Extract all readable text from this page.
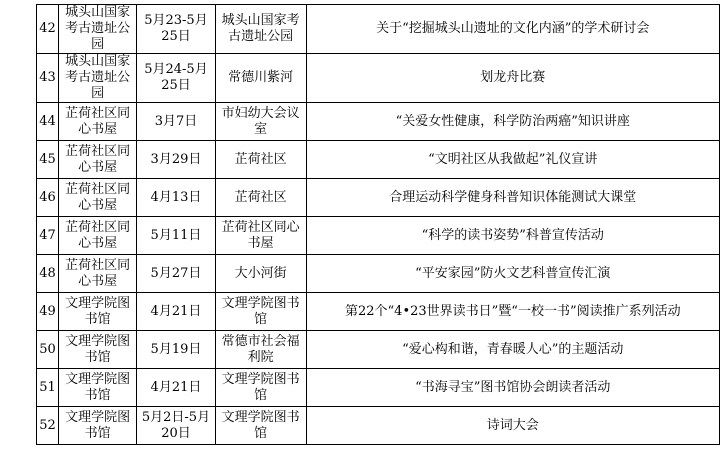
42	城头山国家考古遗址公园	5月23-5月25日	城头山国家考古遗址公园	关于“挖掘城头山遗址的文化内涵”的学术研讨会
43	城头山国家考古遗址公园	5月24-5月25日	常德川紫河	划龙舟比赛
44	芷荷社区同心书屋	3月7日	市妇幼大会议室	“关爱女性健康，科学防治两癌”知识讲座
45	芷荷社区同心书屋	3月29日	芷荷社区	“文明社区从我做起”礼仪宣讲
46	芷荷社区同心书屋	4月13日	芷荷社区	合理运动科学健身科普知识体能测试大课堂
47	芷荷社区同心书屋	5月11日	芷荷社区同心书屋	“科学的读书姿势”科普宣传活动
48	芷荷社区同心书屋	5月27日	大小河街	“平安家园”防火文艺科普宣传汇演
49	文理学院图书馆	4月21日	文理学院图书馆	第22个“4•23世界读书日”暨“一校一书”阅读推广系列活动
50	文理学院图书馆	5月19日	常德市社会福利院	“爱心构和谐，青春暖人心”的主题活动
51	文理学院图书馆	4月21日	文理学院图书馆	“书海寻宝”图书馆协会朗读者活动
52	文理学院图书馆	5月2日-5月20日	文理学院图书馆	诗词大会
